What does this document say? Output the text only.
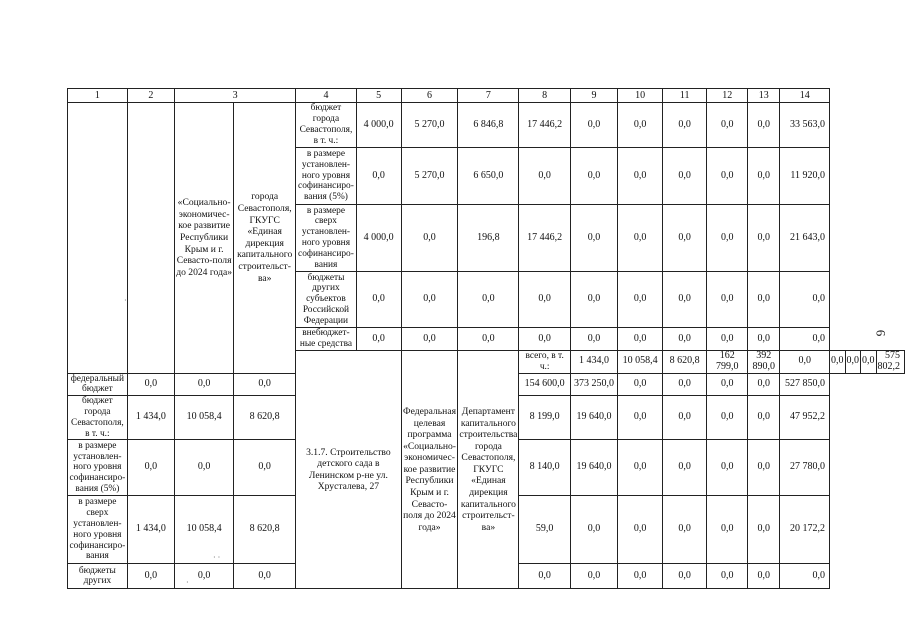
1	2	3		4	5	6	7	8	9	10	11	12	13	14				
		«Социально-экономичес-кое развитие Республики Крым и г. Севасто-поля до 2024 года»	города Севастополя, ГКУГС «Единая дирекция капитального строительст-ва»	бюджет города Севастополя, в т. ч.:	4 000,0	5 270,0	6 846,8	17 446,2	0,0	0,0	0,0	0,0	0,0	33 563,0				
				в размере установлен-ного уровня софинансиро-вания (5%)	0,0	5 270,0	6 650,0	0,0	0,0	0,0	0,0	0,0	0,0	11 920,0				
				в размере сверх установлен-ного уровня софинансиро-вания	4 000,0	0,0	196,8	17 446,2	0,0	0,0	0,0	0,0	0,0	21 643,0				
				бюджеты других субъектов Российской Федерации	0,0	0,0	0,0	0,0	0,0	0,0	0,0	0,0	0,0	0,0				
				внебюджет-ные средства	0,0	0,0	0,0	0,0	0,0	0,0	0,0	0,0	0,0	0,0				
				3.1.7. Строительство детского сада в Ленинском р-не ул. Хрусталева, 27		Федеральная целевая программа «Социально-экономичес-кое развитие Республики Крым и г. Севасто-поля до 2024 года»	Департамент капитального строительства города Севастополя, ГКУГС «Единая дирекция капитального строительст-ва»	всего, в т. ч.:	1 434,0	10 058,4	8 620,8	162 799,0	392 890,0	0,0	0,0	0,0	0,0	575 802,2
федеральный бюджет	0,0	0,0	0,0					154 600,0	373 250,0	0,0	0,0	0,0	0,0	527 850,0				
бюджет города Севастополя, в т. ч.:	1 434,0	10 058,4	8 620,8					8 199,0	19 640,0	0,0	0,0	0,0	0,0	47 952,2				
в размере установлен-ного уровня софинансиро-вания (5%)	0,0	0,0	0,0					8 140,0	19 640,0	0,0	0,0	0,0	0,0	27 780,0				
в размере сверх установлен-ного уровня софинансиро-вания	1 434,0	10 058,4	8 620,8					59,0	0,0	0,0	0,0	0,0	0,0	20 172,2				
бюджеты других	0,0	0,0	0,0					0,0	0,0	0,0	0,0	0,0	0,0	0,0				
6
·
· ·
·
